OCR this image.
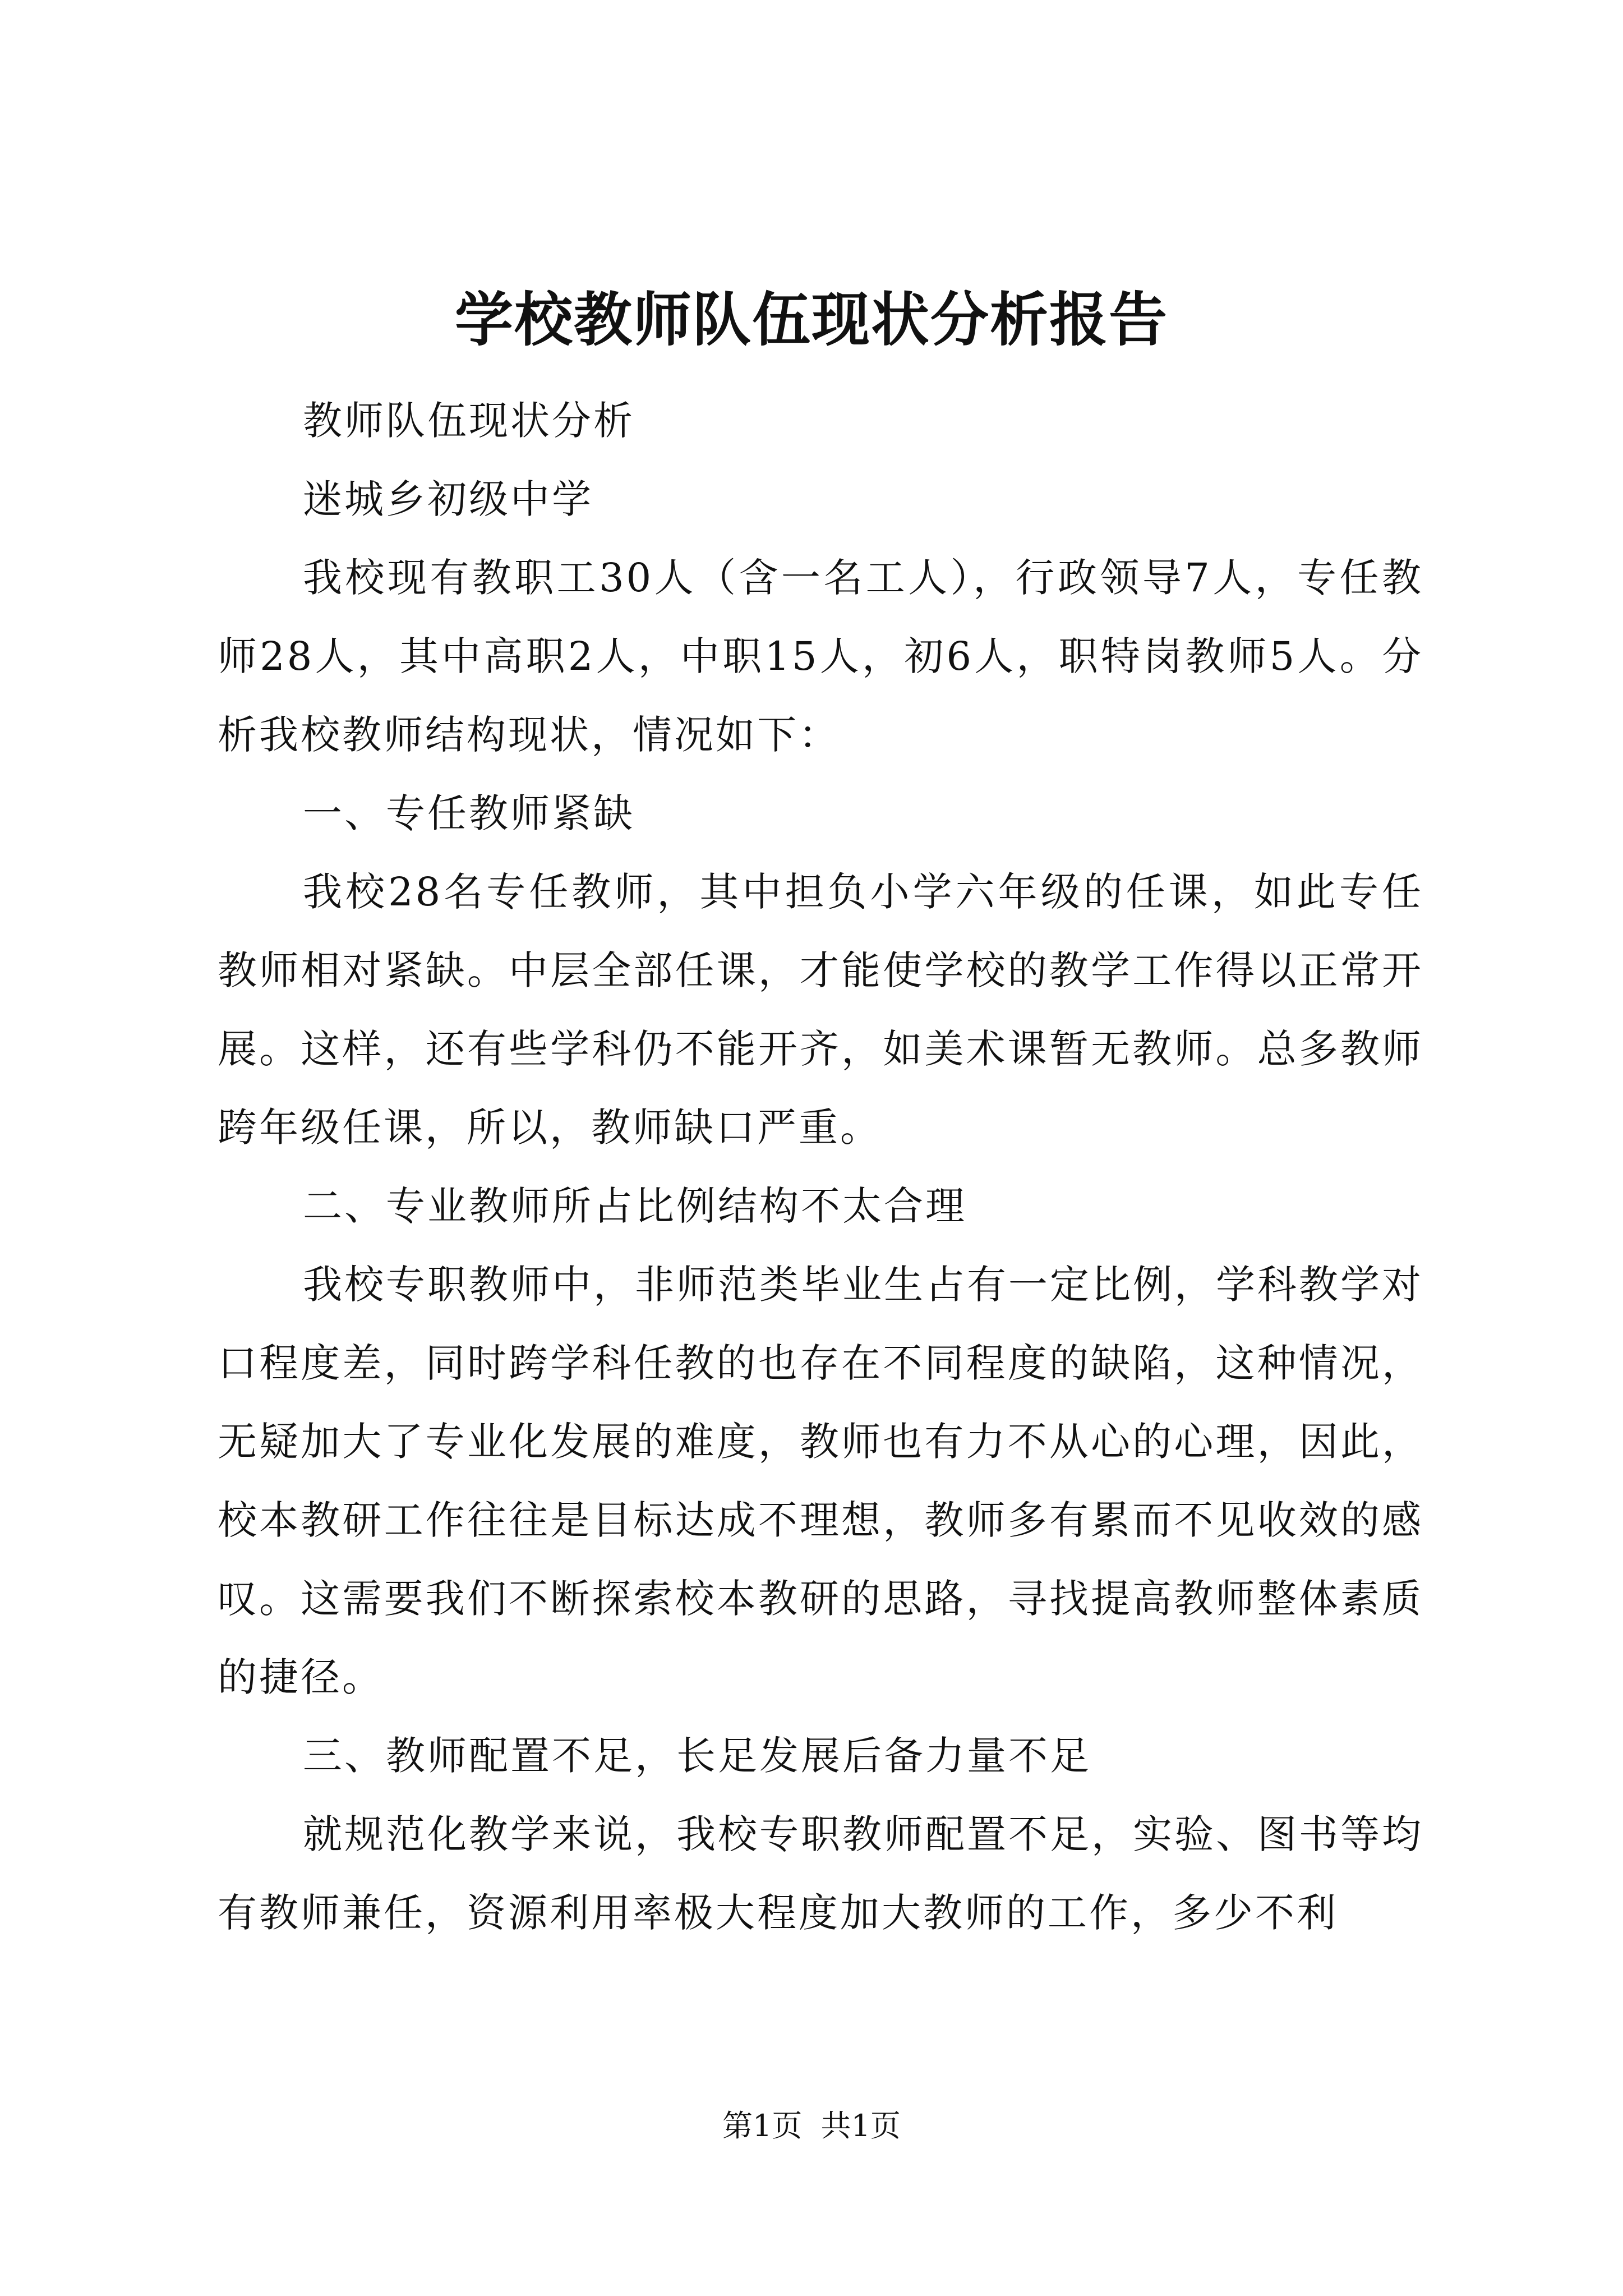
学校教师队伍现状分析报告

教师队伍现状分析

迷城乡初级中学

我校现有教职工30人（含一名工人），行政领导7人，专任教师28人，其中高职2人，中职15人，初6人，职特岗教师5人。分析我校教师结构现状，情况如下：

一、专任教师紧缺

我校28名专任教师，其中担负小学六年级的任课，如此专任教师相对紧缺。中层全部任课，才能使学校的教学工作得以正常开展。这样，还有些学科仍不能开齐，如美术课暂无教师。总多教师跨年级任课，所以，教师缺口严重。

二、专业教师所占比例结构不太合理

我校专职教师中，非师范类毕业生占有一定比例，学科教学对口程度差，同时跨学科任教的也存在不同程度的缺陷，这种情况，无疑加大了专业化发展的难度，教师也有力不从心的心理，因此，校本教研工作往往是目标达成不理想，教师多有累而不见收效的感叹。这需要我们不断探索校本教研的思路，寻找提高教师整体素质的捷径。

三、教师配置不足，长足发展后备力量不足

就规范化教学来说，我校专职教师配置不足，实验、图书等均有教师兼任，资源利用率极大程度加大教师的工作，多少不利

第1页 共1页
